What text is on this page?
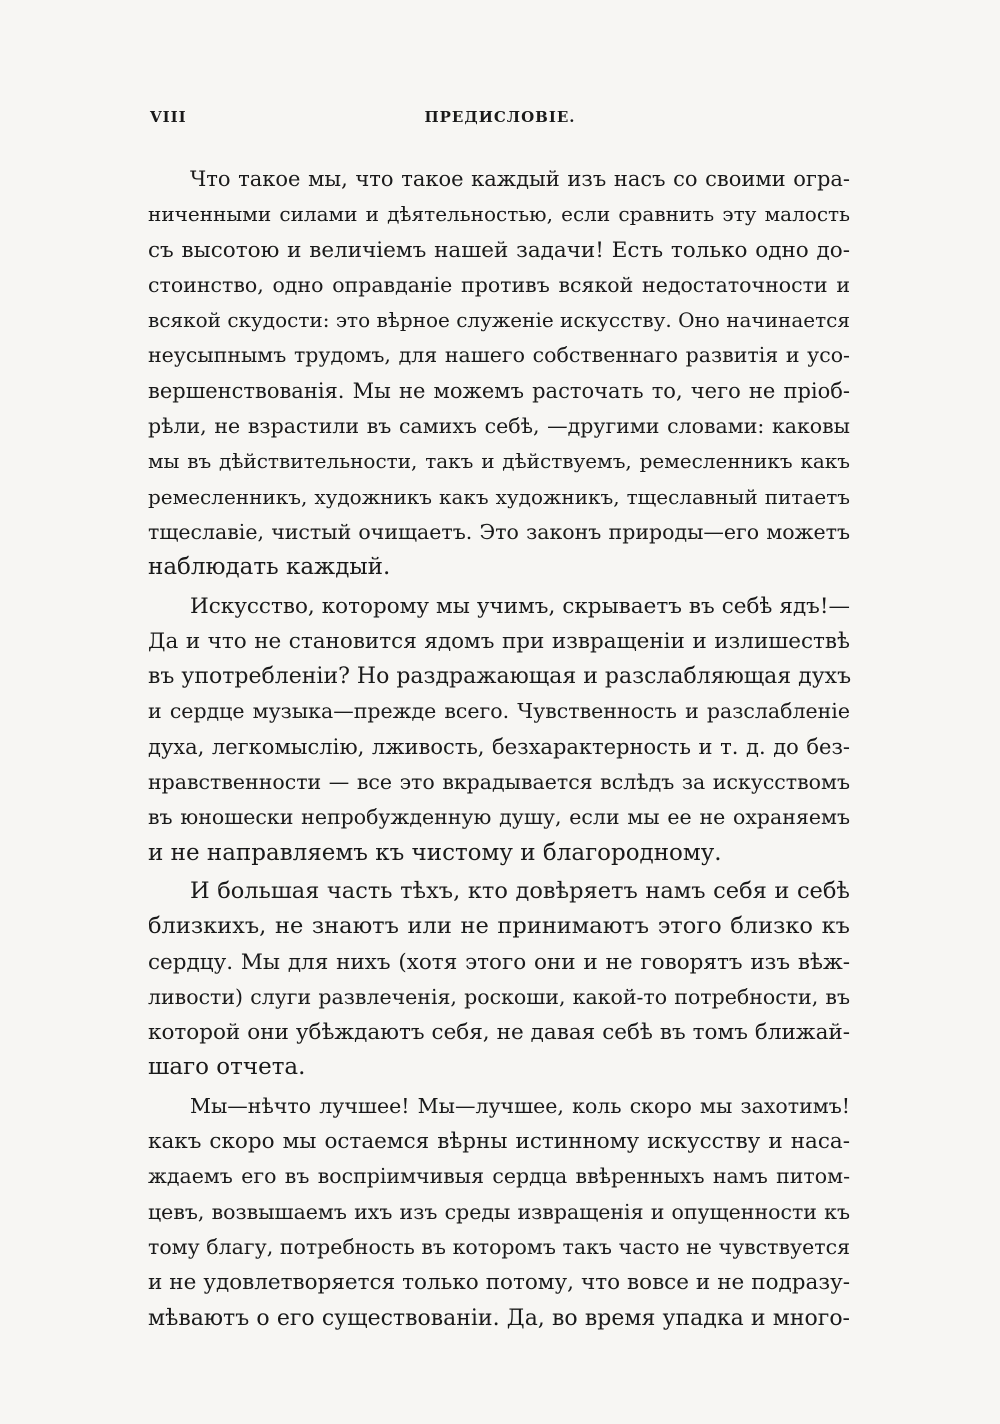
VIII	ПРЕДИСЛОВІЕ.
Что такое мы, что такое каждый изъ насъ со своими огра-
ниченными силами и дѣятельностью, если сравнить эту малость
съ высотою и величіемъ нашей задачи! Есть только одно до-
стоинство, одно оправданіе противъ всякой недостаточности и
всякой скудости: это вѣрное служеніе искусству. Оно начинается
неусыпнымъ трудомъ, для нашего собственнаго развитія и усо-
вершенствованія. Мы не можемъ расточать то, чего не пріоб-
рѣли, не взрастили въ самихъ себѣ, —другими словами: каковы
мы въ дѣйствительности, такъ и дѣйствуемъ, ремесленникъ какъ
ремесленникъ, художникъ какъ художникъ, тщеславный питаетъ
тщеславіе, чистый очищаетъ. Это законъ природы—его можетъ
наблюдать каждый.
Искусство, которому мы учимъ, скрываетъ въ себѣ ядъ!—
Да и что не становится ядомъ при извращеніи и излишествѣ
въ употребленіи? Но раздражающая и разслабляющая духъ
и сердце музыка—прежде всего. Чувственность и разслабленіе
духа, легкомыслію, лживость, безхарактерность и т. д. до без-
нравственности — все это вкрадывается вслѣдъ за искусствомъ
въ юношески непробужденную душу, если мы ее не охраняемъ
и не направляемъ къ чистому и благородному.
И большая часть тѣхъ, кто довѣряетъ намъ себя и себѣ
близкихъ, не знаютъ или не принимаютъ этого близко къ
сердцу. Мы для нихъ (хотя этого они и не говорятъ изъ вѣж-
ливости) слуги развлеченія, роскоши, какой-то потребности, въ
которой они убѣждаютъ себя, не давая себѣ въ томъ ближай-
шаго отчета.
Мы—нѣчто лучшее! Мы—лучшее, коль скоро мы захотимъ!
какъ скоро мы остаемся вѣрны истинному искусству и наса-
ждаемъ его въ воспріимчивыя сердца ввѣренныхъ намъ питом-
цевъ, возвышаемъ ихъ изъ среды извращенія и опущенности къ
тому благу, потребность въ которомъ такъ часто не чувствуется
и не удовлетворяется только потому, что вовсе и не подразу-
мѣваютъ о его существованіи. Да, во время упадка и много-
